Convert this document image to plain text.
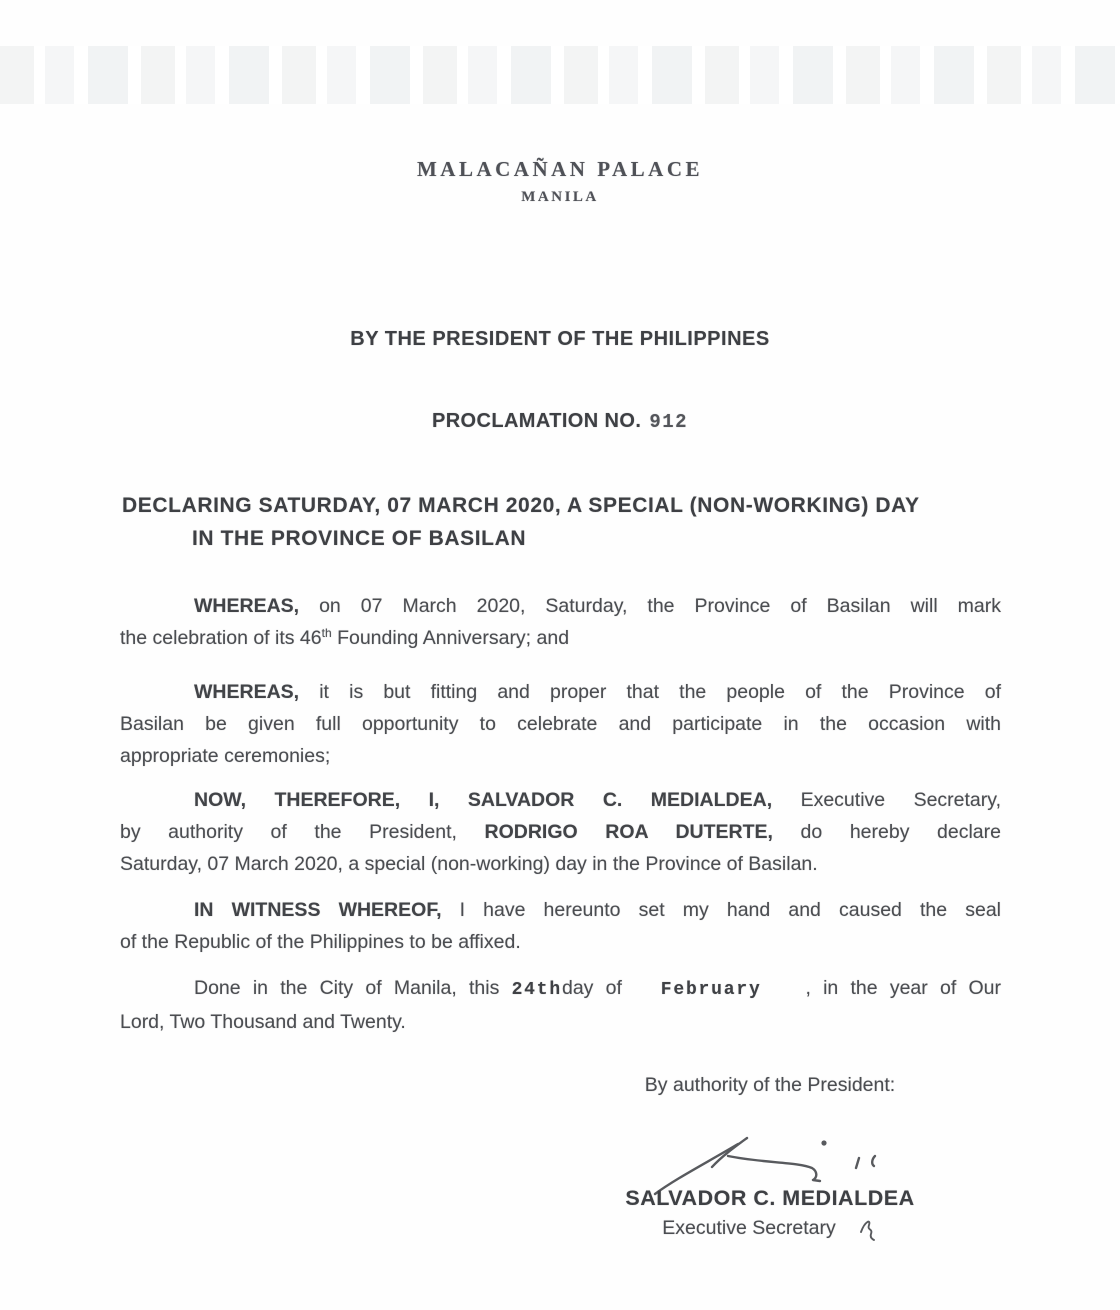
MALACAÑAN PALACE
MANILA
BY THE PRESIDENT OF THE PHILIPPINES
PROCLAMATION NO. 912
DECLARING SATURDAY, 07 MARCH 2020, A SPECIAL (NON-WORKING) DAY
IN THE PROVINCE OF BASILAN
WHEREAS, on 07 March 2020, Saturday, the Province of Basilan will mark
the celebration of its 46th Founding Anniversary; and
WHEREAS, it is but fitting and proper that the people of the Province of
Basilan be given full opportunity to celebrate and participate in the occasion with
appropriate ceremonies;
NOW, THEREFORE, I, SALVADOR C. MEDIALDEA, Executive Secretary,
by authority of the President, RODRIGO ROA DUTERTE, do hereby declare
Saturday, 07 March 2020, a special (non-working) day in the Province of Basilan.
IN WITNESS WHEREOF, I have hereunto set my hand and caused the seal
of the Republic of the Philippines to be affixed.
Done in the City of Manila, this 24thday of  February   , in the year of Our
Lord, Two Thousand and Twenty.
By authority of the President:
SALVADOR C. MEDIALDEA
Executive Secretary
